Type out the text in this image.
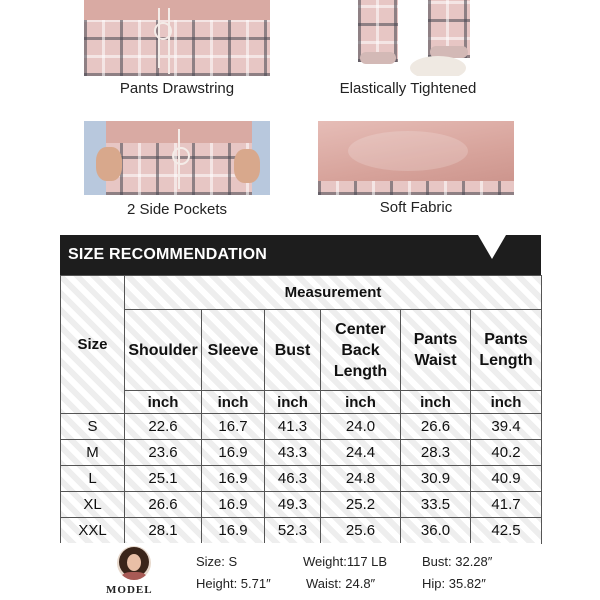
Pants Drawstring	Elastically Tightened
2 Side Pockets	Soft Fabric
SIZE RECOMMENDATION
Size	Measurement					
	Shoulder	Sleeve	Bust	Center Back Length	Pants Waist	Pants Length
	inch	inch	inch	inch	inch	inch
S	22.6	16.7	41.3	24.0	26.6	39.4
M	23.6	16.9	43.3	24.4	28.3	40.2
L	25.1	16.9	46.3	24.8	30.9	40.9
XL	26.6	16.9	49.3	25.2	33.5	41.7
XXL	28.1	16.9	52.3	25.6	36.0	42.5
MODEL
Size: S
Height: 5.71″
Weight:117 LB
Waist: 24.8″
Bust: 32.28″
Hip: 35.82″
